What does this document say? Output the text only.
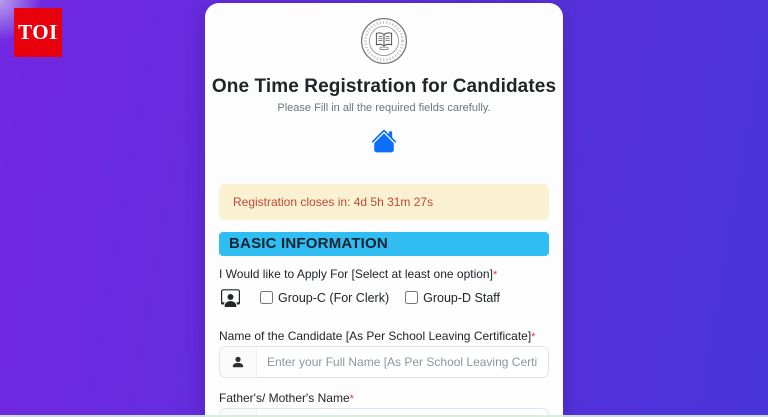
TOI
One Time Registration for Candidates
Please Fill in all the required fields carefully.
Registration closes in: 4d 5h 31m 27s
BASIC INFORMATION
I Would like to Apply For [Select at least one option]*
Group-C (For Clerk)	Group-D Staff
Name of the Candidate [As Per School Leaving Certificate]*
Enter your Full Name [As Per School Leaving Certificate]
Father's/ Mother's Name*
Enter the Full name of your Father/Mother
